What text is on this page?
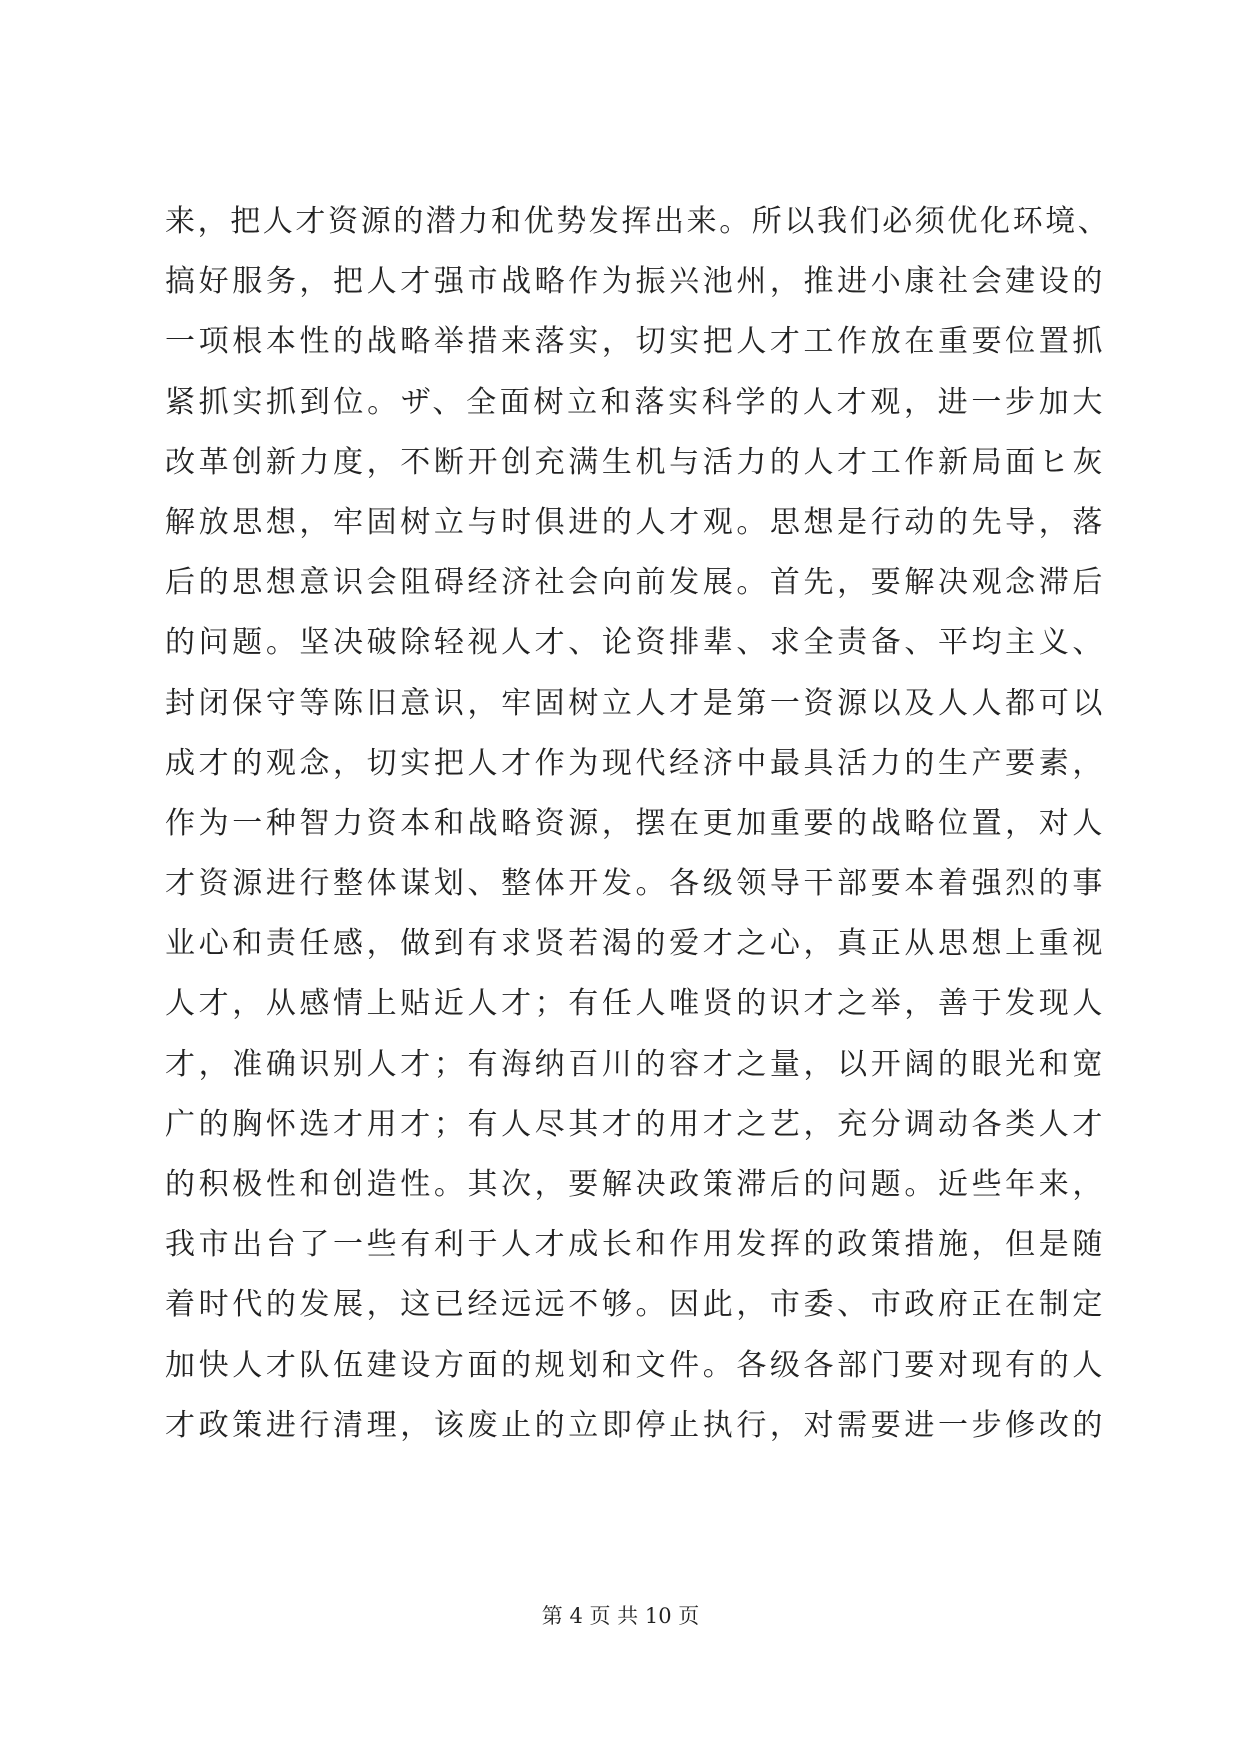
来，把人才资源的潜力和优势发挥出来。所以我们必须优化环境、
搞好服务，把人才强市战略作为振兴池州，推进小康社会建设的
一项根本性的战略举措来落实，切实把人才工作放在重要位置抓
紧抓实抓到位。ザ、全面树立和落实科学的人才观，进一步加大
改革创新力度，不断开创充满生机与活力的人才工作新局面ヒ灰
解放思想，牢固树立与时俱进的人才观。思想是行动的先导，落
后的思想意识会阻碍经济社会向前发展。首先，要解决观念滞后
的问题。坚决破除轻视人才、论资排辈、求全责备、平均主义、
封闭保守等陈旧意识，牢固树立人才是第一资源以及人人都可以
成才的观念，切实把人才作为现代经济中最具活力的生产要素，
作为一种智力资本和战略资源，摆在更加重要的战略位置，对人
才资源进行整体谋划、整体开发。各级领导干部要本着强烈的事
业心和责任感，做到有求贤若渴的爱才之心，真正从思想上重视
人才，从感情上贴近人才；有任人唯贤的识才之举，善于发现人
才，准确识别人才；有海纳百川的容才之量，以开阔的眼光和宽
广的胸怀选才用才；有人尽其才的用才之艺，充分调动各类人才
的积极性和创造性。其次，要解决政策滞后的问题。近些年来，
我市出台了一些有利于人才成长和作用发挥的政策措施，但是随
着时代的发展，这已经远远不够。因此，市委、市政府正在制定
加快人才队伍建设方面的规划和文件。各级各部门要对现有的人
才政策进行清理，该废止的立即停止执行，对需要进一步修改的
第 4 页 共 10 页
